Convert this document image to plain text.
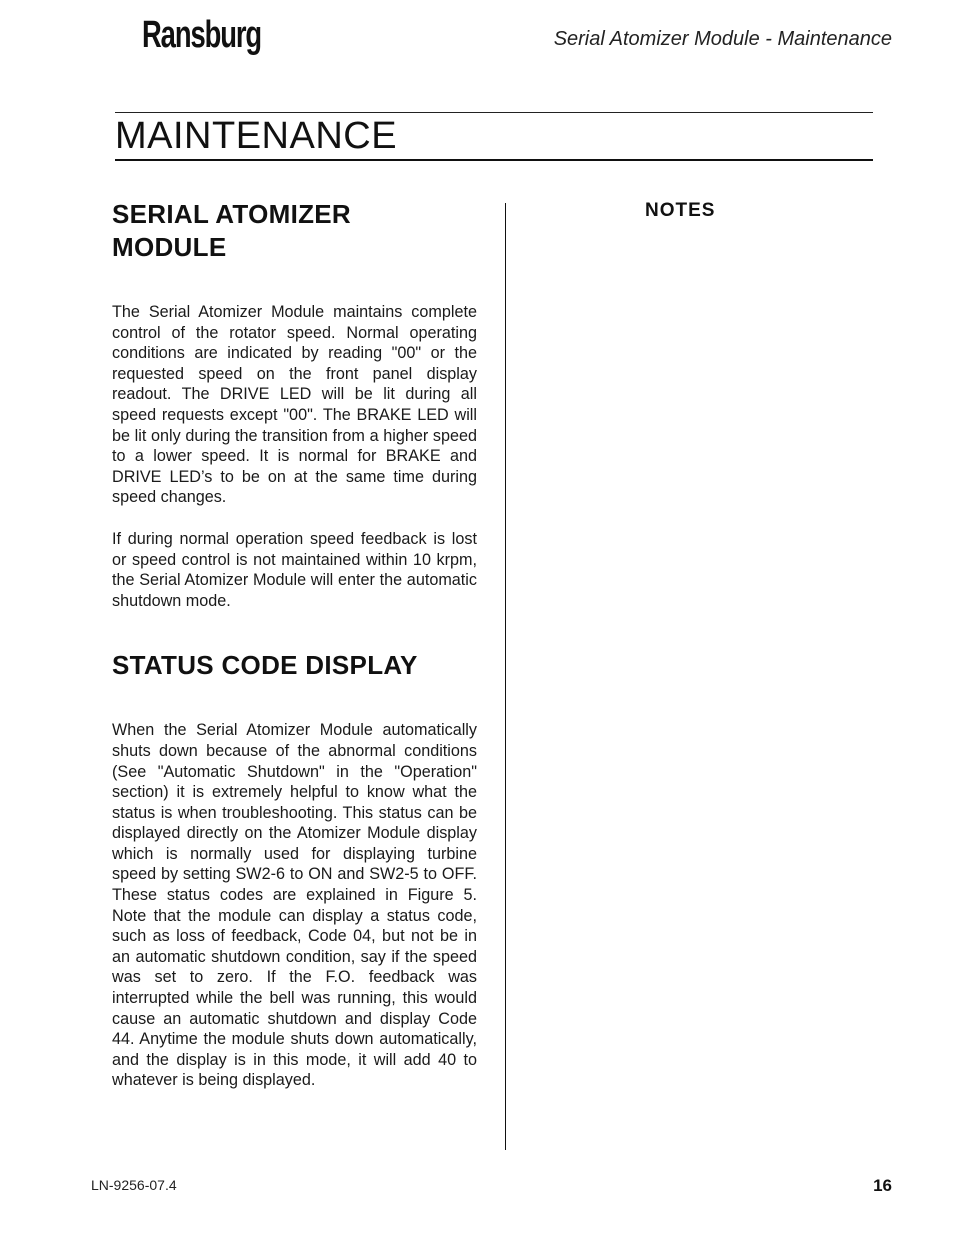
Ransburg	Serial Atomizer Module - Maintenance
MAINTENANCE
SERIAL ATOMIZER
MODULE

The Serial Atomizer Module maintains complete control of the rotator speed. Normal operating conditions are indicated by reading "00" or the requested speed on the front panel display readout. The DRIVE LED will be lit during all speed requests except "00". The BRAKE LED will be lit only during the transition from a higher speed to a lower speed. It is normal for BRAKE and DRIVE LED’s to be on at the same time during speed changes.

If during normal operation speed feedback is lost or speed control is not maintained within 10 krpm, the Serial Atomizer Module will enter the automatic shutdown mode.

STATUS CODE DISPLAY

When the Serial Atomizer Module automatically shuts down because of the abnormal conditions (See "Automatic Shutdown" in the "Operation" section) it is extremely helpful to know what the status is when troubleshooting. This status can be displayed directly on the Atomizer Module display which is normally used for displaying turbine speed by setting SW2-6 to ON and SW2-5 to OFF. These status codes are explained in Figure 5. Note that the module can display a status code, such as loss of feedback, Code 04, but not be in an automatic shutdown condition, say if the speed was set to zero. If the F.O. feedback was interrupted while the bell was running, this would cause an automatic shutdown and display Code 44. Anytime the module shuts down automatically, and the display is in this mode, it will add 40 to whatever is being displayed.

NOTES
LN-9256-07.4	16
